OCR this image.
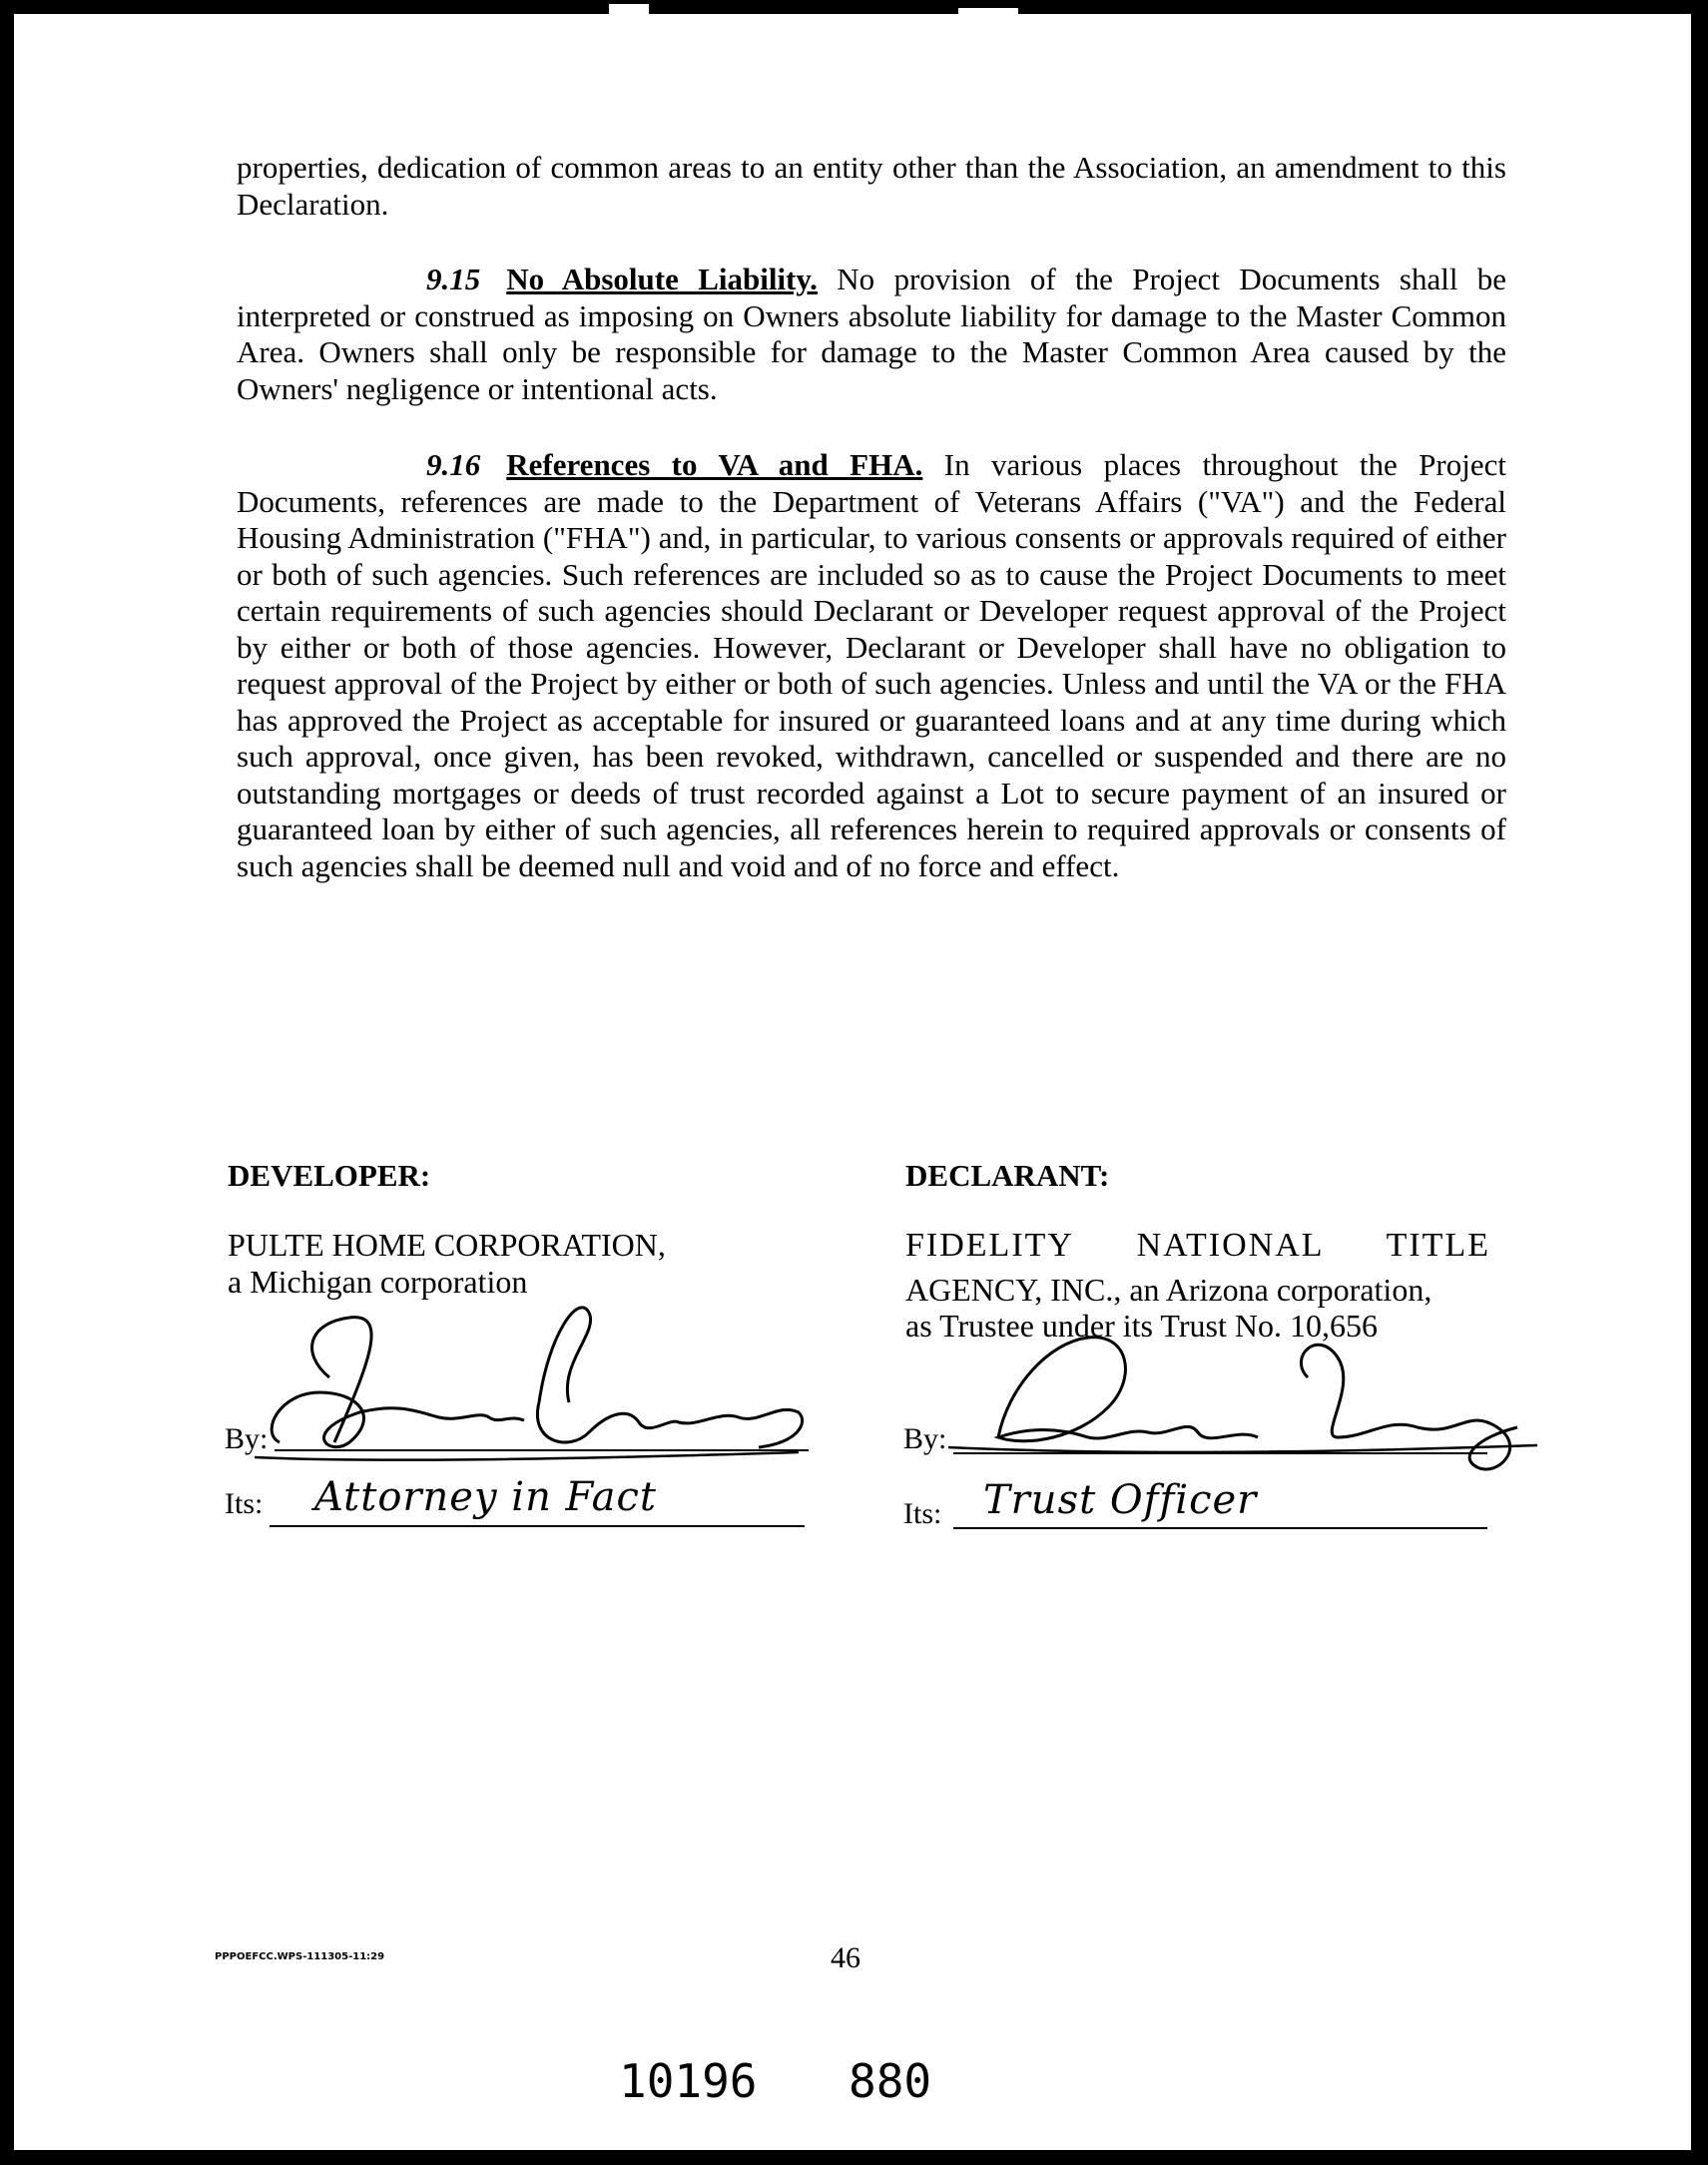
properties, dedication of common areas to an entity other than the Association, an amendment to this Declaration.

9.15 No Absolute Liability. No provision of the Project Documents shall be interpreted or construed as imposing on Owners absolute liability for damage to the Master Common Area. Owners shall only be responsible for damage to the Master Common Area caused by the Owners' negligence or intentional acts.

9.16 References to VA and FHA. In various places throughout the Project Documents, references are made to the Department of Veterans Affairs ("VA") and the Federal Housing Administration ("FHA") and, in particular, to various consents or approvals required of either or both of such agencies. Such references are included so as to cause the Project Documents to meet certain requirements of such agencies should Declarant or Developer request approval of the Project by either or both of those agencies. However, Declarant or Developer shall have no obligation to request approval of the Project by either or both of such agencies. Unless and until the VA or the FHA has approved the Project as acceptable for insured or guaranteed loans and at any time during which such approval, once given, has been revoked, withdrawn, cancelled or suspended and there are no outstanding mortgages or deeds of trust recorded against a Lot to secure payment of an insured or guaranteed loan by either of such agencies, all references herein to required approvals or consents of such agencies shall be deemed null and void and of no force and effect.

DEVELOPER:
PULTE HOME CORPORATION,
a Michigan corporation
By:
Its: Attorney in Fact
DECLARANT:
FIDELITY NATIONAL TITLE
AGENCY, INC., an Arizona corporation,
as Trustee under its Trust No. 10,656
By:
Its: Trust Officer
PPPOEFCC.WPS-111305-11:29	46
10196 880
